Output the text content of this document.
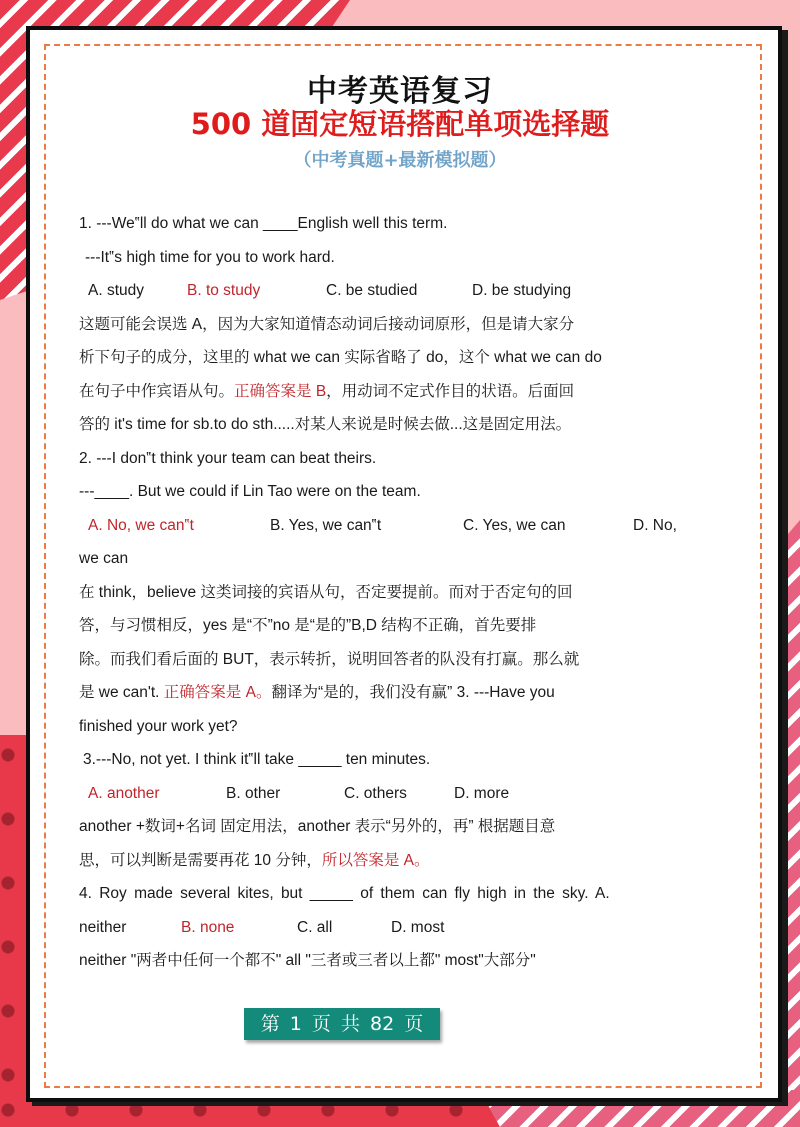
中考英语复习
500 道固定短语搭配单项选择题
（中考真题+最新模拟题）
1. ---We‟ll do what we can ____English well this term.
---It‟s high time for you to work hard.
A. study	B. to study	C. be studied	D. be studying
这题可能会误选 A，因为大家知道情态动词后接动词原形，但是请大家分
析下句子的成分，这里的 what we can 实际省略了 do，这个 what we can do
在句子中作宾语从句。正确答案是 B，用动词不定式作目的状语。后面回
答的 it's time for sb.to do sth.....对某人来说是时候去做...这是固定用法。
2. ---I don‟t think your team can beat theirs.
---____. But we could if Lin Tao were on the team.
A. No, we can‟t	B. Yes, we can‟t	C. Yes, we can	D. No,
we can
在 think，believe 这类词接的宾语从句，否定要提前。而对于否定句的回
答，与习惯相反，yes 是“不”no 是“是的”B,D 结构不正确，首先要排
除。而我们看后面的 BUT，表示转折，说明回答者的队没有打赢。那么就
是 we can't. 正确答案是 A。翻译为“是的，我们没有赢” 3. ---Have you
finished your work yet?
3.---No, not yet. I think it‟ll take _____ ten minutes.
A. another	B. other	C. others	D. more
another +数词+名词 固定用法，another 表示“另外的，再” 根据题目意
思，可以判断是需要再花 10 分钟，所以答案是 A。
4. Roy made several kites, but _____ of them can fly high in the sky. A.
neither	B. none	C. all	D. most
neither "两者中任何一个都不" all "三者或三者以上都" most"大部分"
第 1 页 共 82 页
